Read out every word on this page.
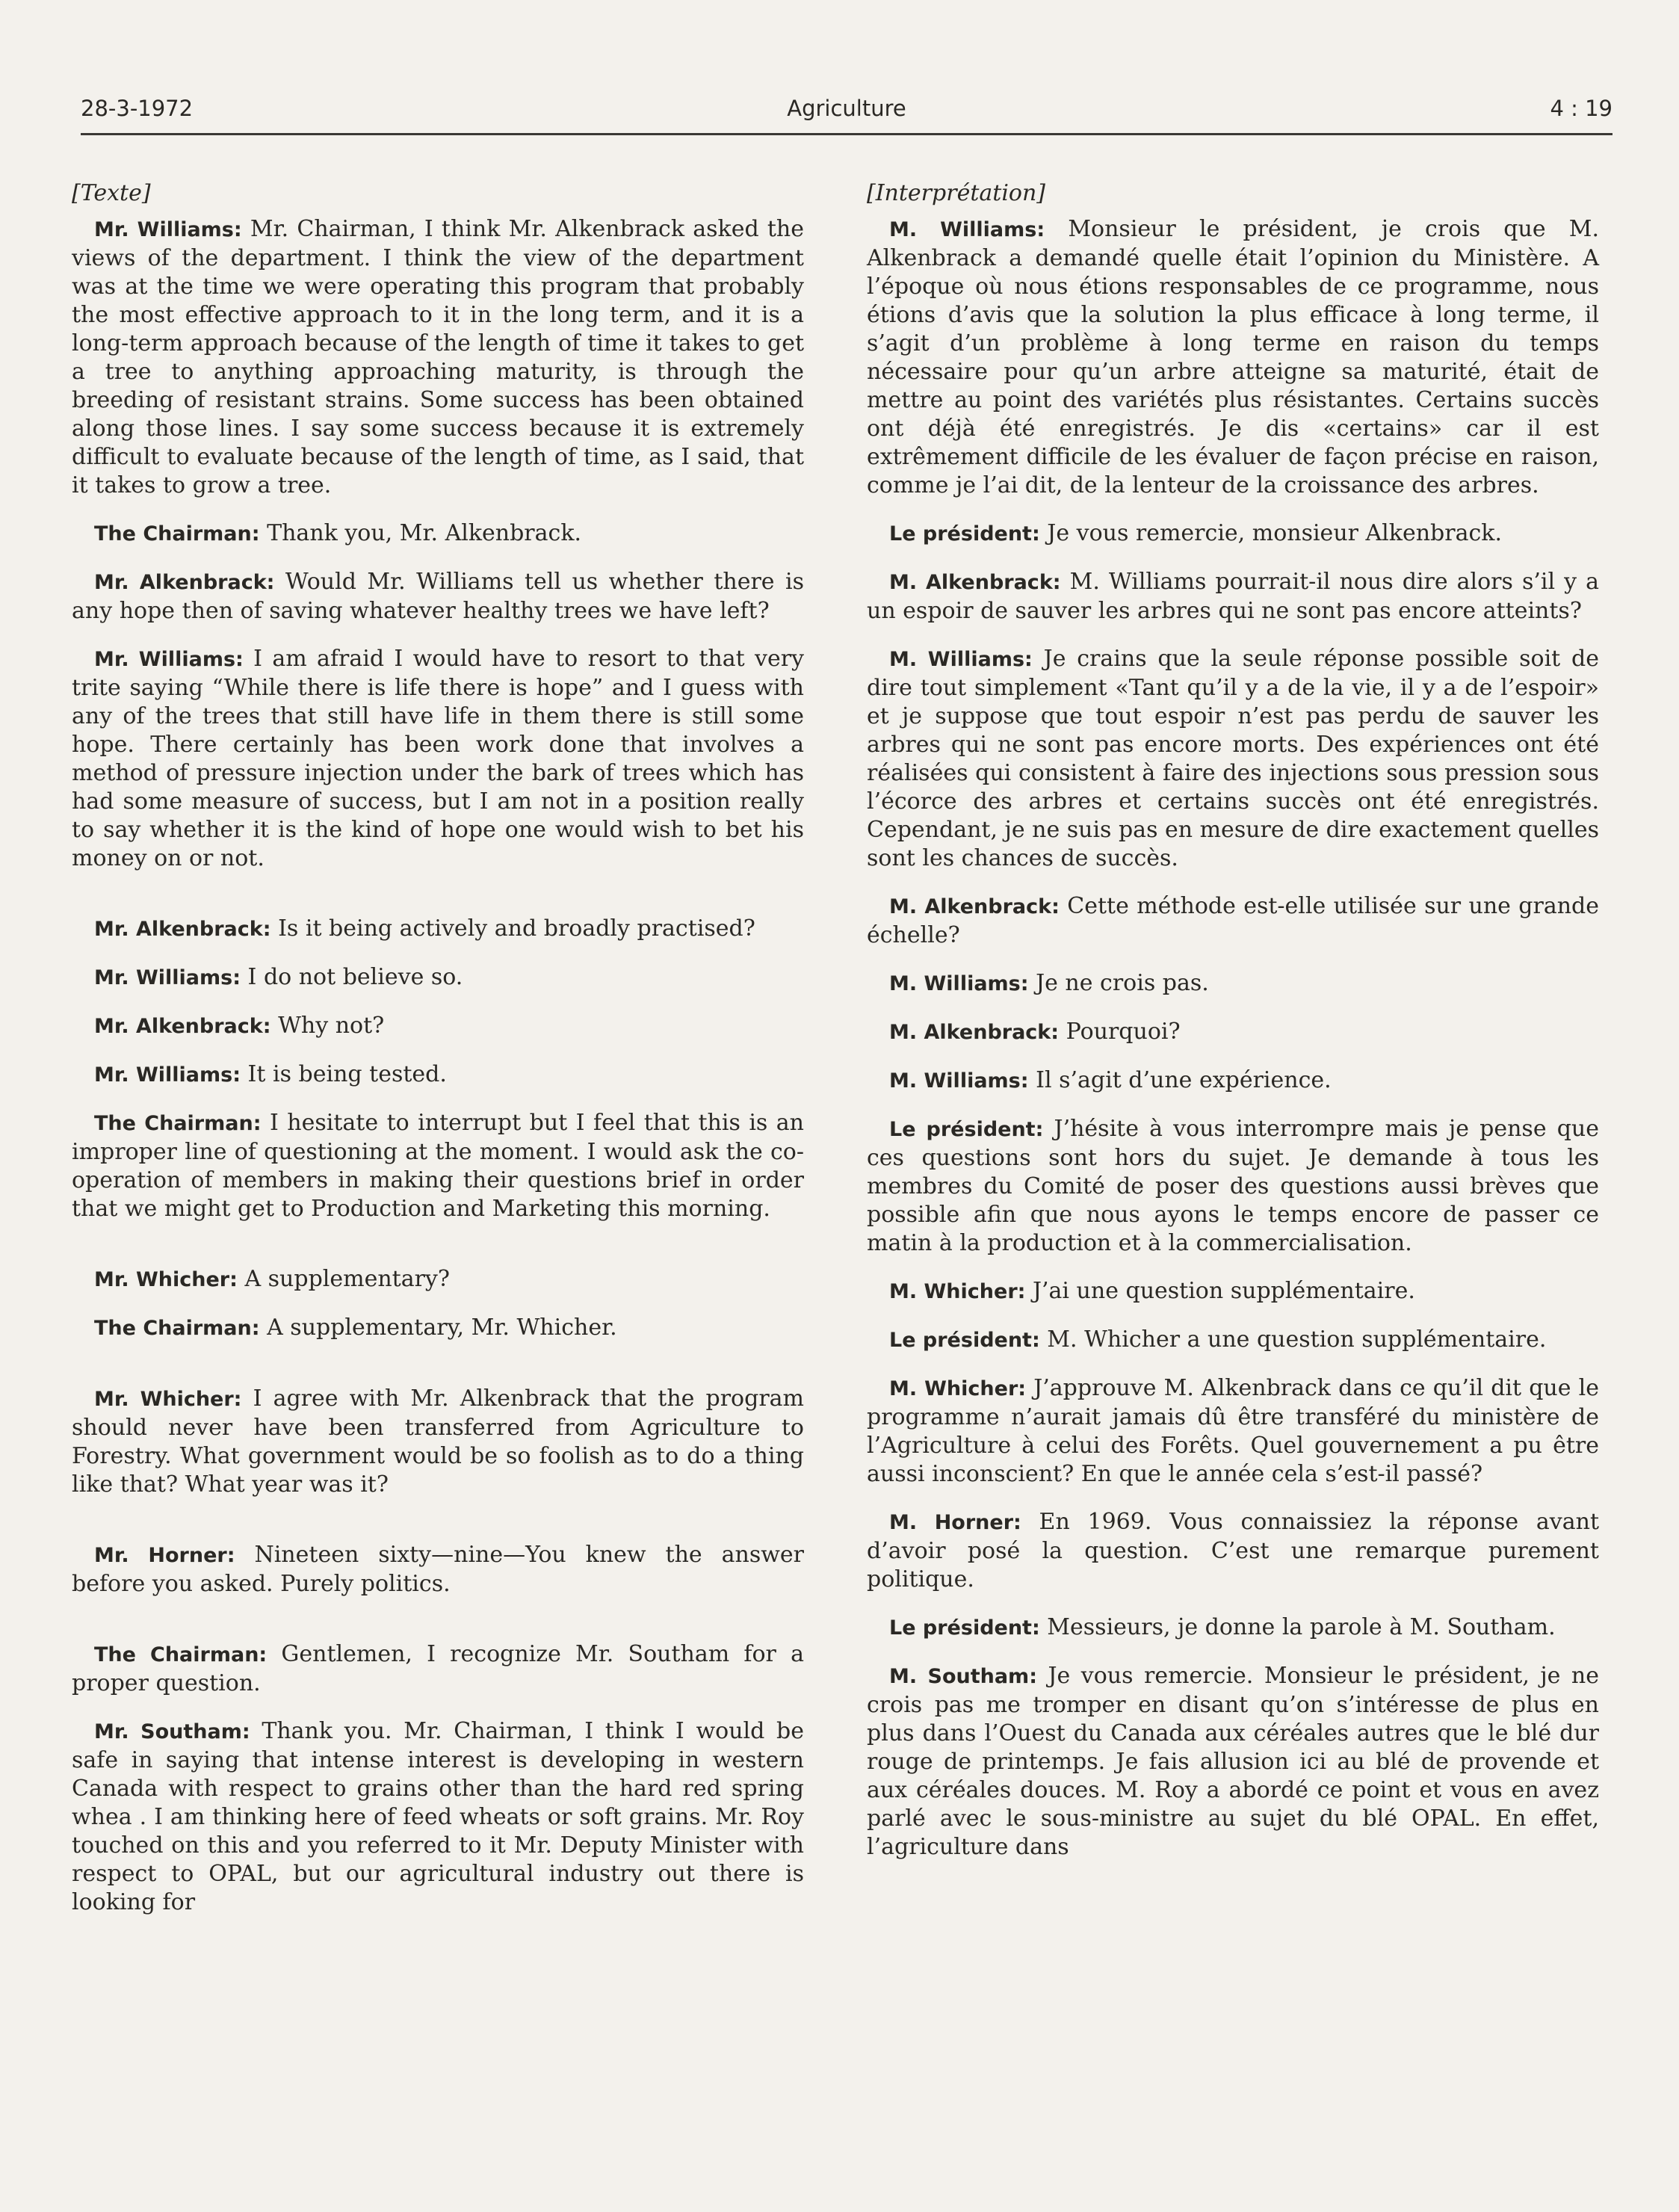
28-3-1972	Agriculture	4 : 19

[Texte]

Mr. Williams: Mr. Chairman, I think Mr. Alkenbrack asked the views of the department. I think the view of the department was at the time we were operating this program that probably the most effective approach to it in the long term, and it is a long-term approach because of the length of time it takes to get a tree to anything approaching maturity, is through the breeding of resistant strains. Some success has been obtained along those lines. I say some success because it is extremely difficult to evaluate because of the length of time, as I said, that it takes to grow a tree.

The Chairman: Thank you, Mr. Alkenbrack.

Mr. Alkenbrack: Would Mr. Williams tell us whether there is any hope then of saving whatever healthy trees we have left?

Mr. Williams: I am afraid I would have to resort to that very trite saying “While there is life there is hope” and I guess with any of the trees that still have life in them there is still some hope. There certainly has been work done that involves a method of pressure injection under the bark of trees which has had some measure of success, but I am not in a position really to say whether it is the kind of hope one would wish to bet his money on or not.

Mr. Alkenbrack: Is it being actively and broadly practised?

Mr. Williams: I do not believe so.

Mr. Alkenbrack: Why not?

Mr. Williams: It is being tested.

The Chairman: I hesitate to interrupt but I feel that this is an improper line of questioning at the moment. I would ask the co-operation of members in making their questions brief in order that we might get to Production and Marketing this morning.

Mr. Whicher: A supplementary?

The Chairman: A supplementary, Mr. Whicher.

Mr. Whicher: I agree with Mr. Alkenbrack that the program should never have been transferred from Agriculture to Forestry. What government would be so foolish as to do a thing like that? What year was it?

Mr. Horner: Nineteen sixty—nine—You knew the answer before you asked. Purely politics.

The Chairman: Gentlemen, I recognize Mr. Southam for a proper question.

Mr. Southam: Thank you. Mr. Chairman, I think I would be safe in saying that intense interest is developing in western Canada with respect to grains other than the hard red spring whea . I am thinking here of feed wheats or soft grains. Mr. Roy touched on this and you referred to it Mr. Deputy Minister with respect to OPAL, but our agricultural industry out there is looking for

[Interprétation]

M. Williams: Monsieur le président, je crois que M. Alkenbrack a demandé quelle était l’opinion du Ministère. A l’époque où nous étions responsables de ce programme, nous étions d’avis que la solution la plus efficace à long terme, il s’agit d’un problème à long terme en raison du temps nécessaire pour qu’un arbre atteigne sa maturité, était de mettre au point des variétés plus résistantes. Certains succès ont déjà été enregistrés. Je dis «certains» car il est extrêmement difficile de les évaluer de façon précise en raison, comme je l’ai dit, de la lenteur de la croissance des arbres.

Le président: Je vous remercie, monsieur Alkenbrack.

M. Alkenbrack: M. Williams pourrait-il nous dire alors s’il y a un espoir de sauver les arbres qui ne sont pas encore atteints?

M. Williams: Je crains que la seule réponse possible soit de dire tout simplement «Tant qu’il y a de la vie, il y a de l’espoir» et je suppose que tout espoir n’est pas perdu de sauver les arbres qui ne sont pas encore morts. Des expériences ont été réalisées qui consistent à faire des injections sous pression sous l’écorce des arbres et certains succès ont été enregistrés. Cependant, je ne suis pas en mesure de dire exactement quelles sont les chances de succès.

M. Alkenbrack: Cette méthode est-elle utilisée sur une grande échelle?

M. Williams: Je ne crois pas.

M. Alkenbrack: Pourquoi?

M. Williams: Il s’agit d’une expérience.

Le président: J’hésite à vous interrompre mais je pense que ces questions sont hors du sujet. Je demande à tous les membres du Comité de poser des questions aussi brèves que possible afin que nous ayons le temps encore de passer ce matin à la production et à la commercialisation.

M. Whicher: J’ai une question supplémentaire.

Le président: M. Whicher a une question supplémentaire.

M. Whicher: J’approuve M. Alkenbrack dans ce qu’il dit que le programme n’aurait jamais dû être transféré du ministère de l’Agriculture à celui des Forêts. Quel gouvernement a pu être aussi inconscient? En que le année cela s’est-il passé?

M. Horner: En 1969. Vous connaissiez la réponse avant d’avoir posé la question. C’est une remarque purement politique.

Le président: Messieurs, je donne la parole à M. Southam.

M. Southam: Je vous remercie. Monsieur le président, je ne crois pas me tromper en disant qu’on s’intéresse de plus en plus dans l’Ouest du Canada aux céréales autres que le blé dur rouge de printemps. Je fais allusion ici au blé de provende et aux céréales douces. M. Roy a abordé ce point et vous en avez parlé avec le sous-ministre au sujet du blé OPAL. En effet, l’agriculture dans
